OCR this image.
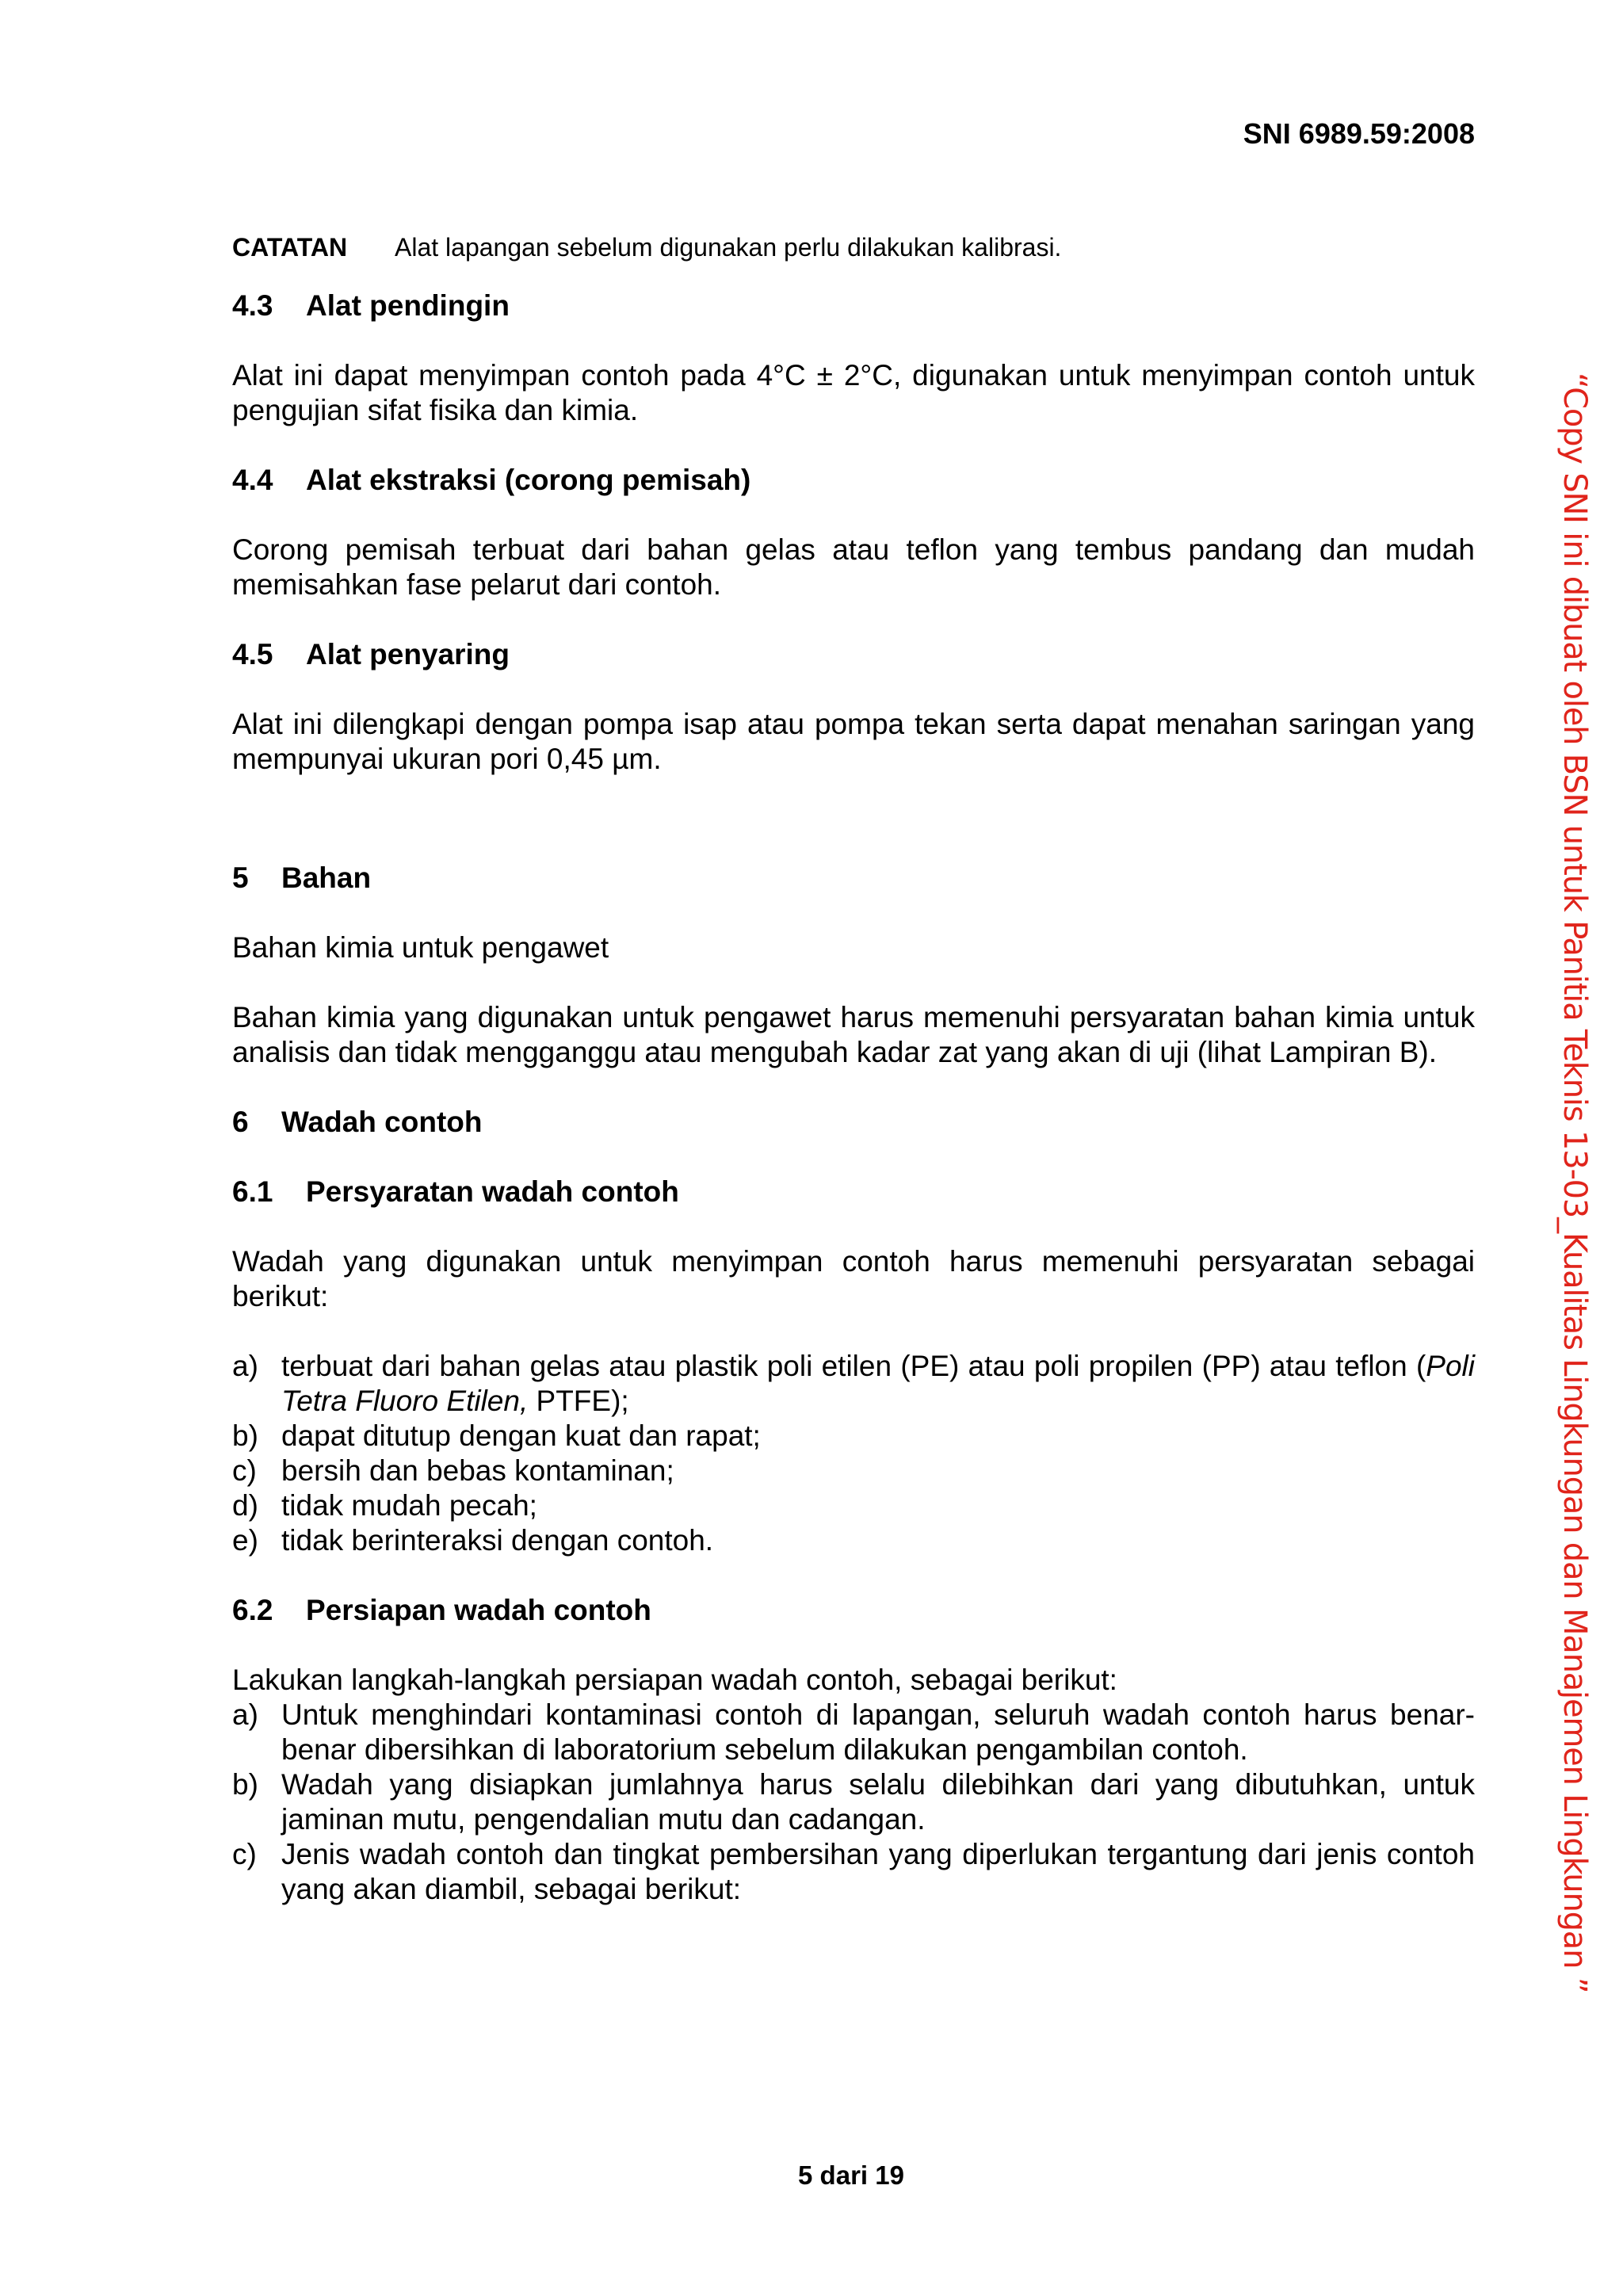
SNI 6989.59:2008
CATATAN	Alat lapangan sebelum digunakan perlu dilakukan kalibrasi.
4.3	Alat pendingin

Alat ini dapat menyimpan contoh pada 4°C ± 2°C, digunakan untuk menyimpan contoh untuk pengujian sifat fisika dan kimia.

4.4	Alat ekstraksi (corong pemisah)

Corong pemisah terbuat dari bahan gelas atau teflon yang tembus pandang dan mudah memisahkan fase pelarut dari contoh.

4.5	Alat penyaring

Alat ini dilengkapi dengan pompa isap atau pompa tekan serta dapat menahan saringan yang mempunyai ukuran pori 0,45 µm.

5	Bahan

Bahan kimia untuk pengawet

Bahan kimia yang digunakan untuk pengawet harus memenuhi persyaratan bahan kimia untuk analisis dan tidak mengganggu atau mengubah kadar zat yang akan di uji (lihat Lampiran B).

6	Wadah contoh
6.1	Persyaratan wadah contoh

Wadah yang digunakan untuk menyimpan contoh harus memenuhi persyaratan sebagai berikut:

a) terbuat dari bahan gelas atau plastik poli etilen (PE) atau poli propilen (PP) atau teflon (Poli Tetra Fluoro Etilen, PTFE);
b) dapat ditutup dengan kuat dan rapat;
c) bersih dan bebas kontaminan;
d) tidak mudah pecah;
e) tidak berinteraksi dengan contoh.
6.2	Persiapan wadah contoh

Lakukan langkah-langkah persiapan wadah contoh, sebagai berikut:

a) Untuk menghindari kontaminasi contoh di lapangan, seluruh wadah contoh harus benar-benar dibersihkan di laboratorium sebelum dilakukan pengambilan contoh.
b) Wadah yang disiapkan jumlahnya harus selalu dilebihkan dari yang dibutuhkan, untuk jaminan mutu, pengendalian mutu dan cadangan.
c) Jenis wadah contoh dan tingkat pembersihan yang diperlukan tergantung dari jenis contoh yang akan diambil, sebagai berikut:
5 dari 19
“Copy SNI ini dibuat oleh BSN untuk Panitia Teknis 13-03_Kualitas Lingkungan dan Manajemen Lingkungan ”
